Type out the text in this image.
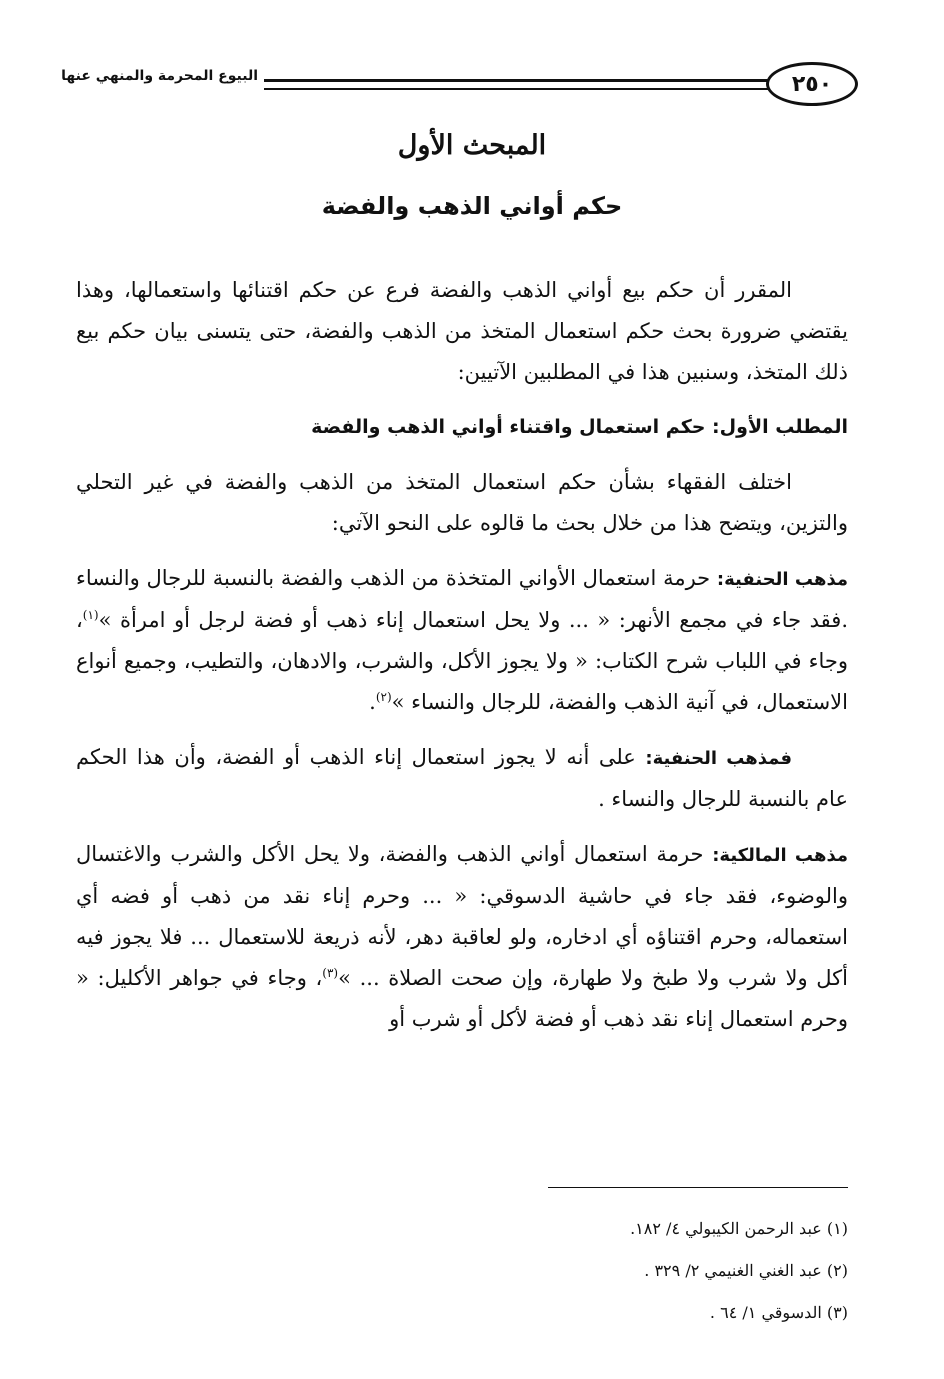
البيوع المحرمة والمنهي عنها	٢٥٠
المبحث الأول
حكم أواني الذهب والفضة

المقرر أن حكم بيع أواني الذهب والفضة فرع عن حكم اقتنائها واستعمالها، وهذا يقتضي ضرورة بحث حكم استعمال المتخذ من الذهب والفضة، حتى يتسنى بيان حكم بيع ذلك المتخذ، وسنبين هذا في المطلبين الآتيين:

المطلب الأول: حكم استعمال واقتناء أواني الذهب والفضة

اختلف الفقهاء بشأن حكم استعمال المتخذ من الذهب والفضة في غير التحلي والتزين، ويتضح هذا من خلال بحث ما قالوه على النحو الآتي:

مذهب الحنفية: حرمة استعمال الأواني المتخذة من الذهب والفضة بالنسبة للرجال والنساء .فقد جاء في مجمع الأنهر: « ... ولا يحل استعمال إناء ذهب أو فضة لرجل أو امرأة »$^{(١)}$، وجاء في اللباب شرح الكتاب: « ولا يجوز الأكل، والشرب، والادهان، والتطيب، وجميع أنواع الاستعمال، في آنية الذهب والفضة، للرجال والنساء »$^{(٢)}$.

فمذهب الحنفية: على أنه لا يجوز استعمال إناء الذهب أو الفضة، وأن هذا الحكم عام بالنسبة للرجال والنساء .

مذهب المالكية: حرمة استعمال أواني الذهب والفضة، ولا يحل الأكل والشرب والاغتسال والوضوء، فقد جاء في حاشية الدسوقي: « ... وحرم إناء نقد من ذهب أو فضه أي استعماله، وحرم اقتناؤه أي ادخاره، ولو لعاقبة دهر، لأنه ذريعة للاستعمال ... فلا يجوز فيه أكل ولا شرب ولا طبخ ولا طهارة، وإن صحت الصلاة ... »$^{(٣)}$، وجاء في جواهر الأكليل: « وحرم استعمال إناء نقد ذهب أو فضة لأكل أو شرب أو

(١) عبد الرحمن الكيبولي ٤/ ١٨٢.
(٢) عبد الغني الغنيمي ٢/ ٣٢٩ .
(٣) الدسوقي ١/ ٦٤ .
